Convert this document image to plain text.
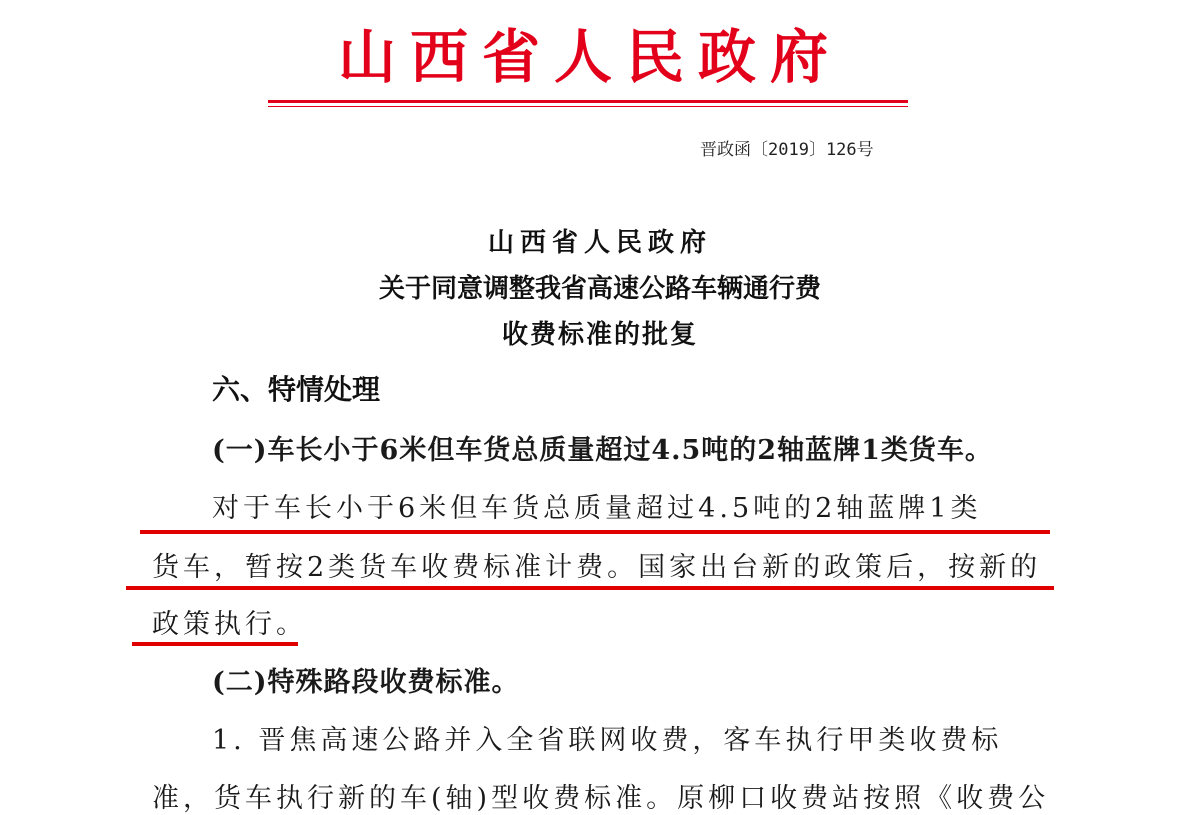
山西省人民政府
晋政函〔2019〕126号
山西省人民政府
关于同意调整我省高速公路车辆通行费
收费标准的批复
六、特情处理
(一)车长小于6米但车货总质量超过4.5吨的2轴蓝牌1类货车。
对于车长小于6米但车货总质量超过4.5吨的2轴蓝牌1类
货车，暂按2类货车收费标准计费。国家出台新的政策后，按新的
政策执行。
(二)特殊路段收费标准。
1. 晋焦高速公路并入全省联网收费，客车执行甲类收费标
准，货车执行新的车(轴)型收费标准。原柳口收费站按照《收费公
